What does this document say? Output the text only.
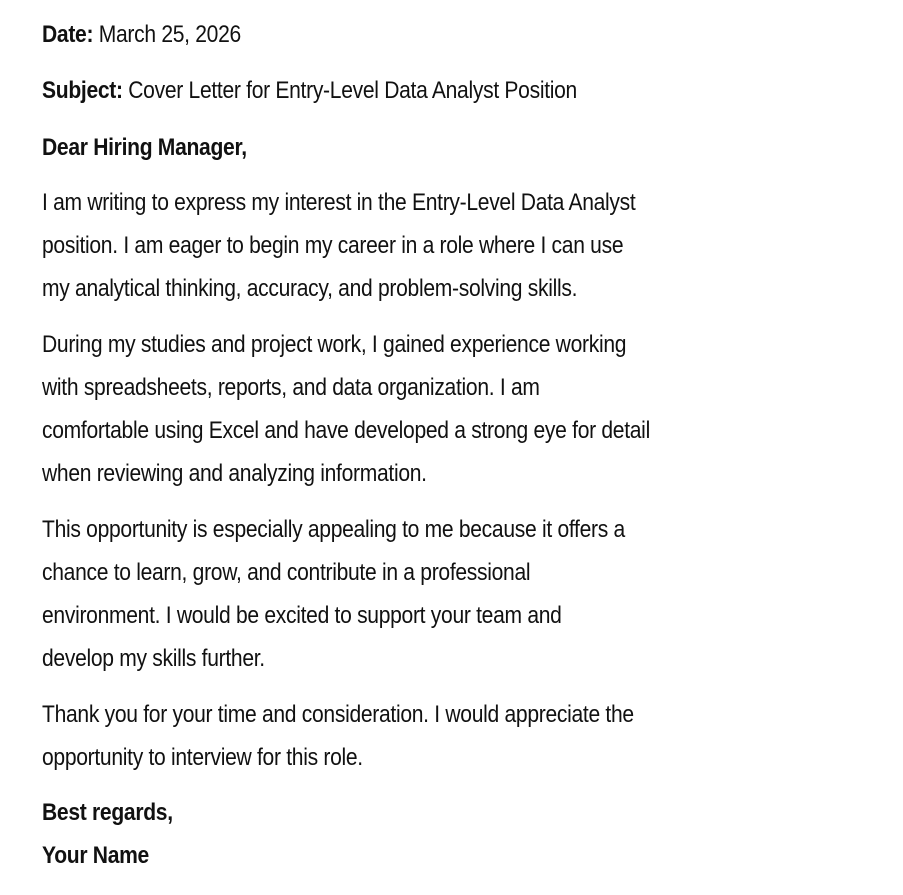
Date: March 25, 2026
Subject: Cover Letter for Entry-Level Data Analyst Position
Dear Hiring Manager,
I am writing to express my interest in the Entry-Level Data Analyst
position. I am eager to begin my career in a role where I can use
my analytical thinking, accuracy, and problem-solving skills.
During my studies and project work, I gained experience working
with spreadsheets, reports, and data organization. I am
comfortable using Excel and have developed a strong eye for detail
when reviewing and analyzing information.
This opportunity is especially appealing to me because it offers a
chance to learn, grow, and contribute in a professional
environment. I would be excited to support your team and
develop my skills further.
Thank you for your time and consideration. I would appreciate the
opportunity to interview for this role.
Best regards,
Your Name
